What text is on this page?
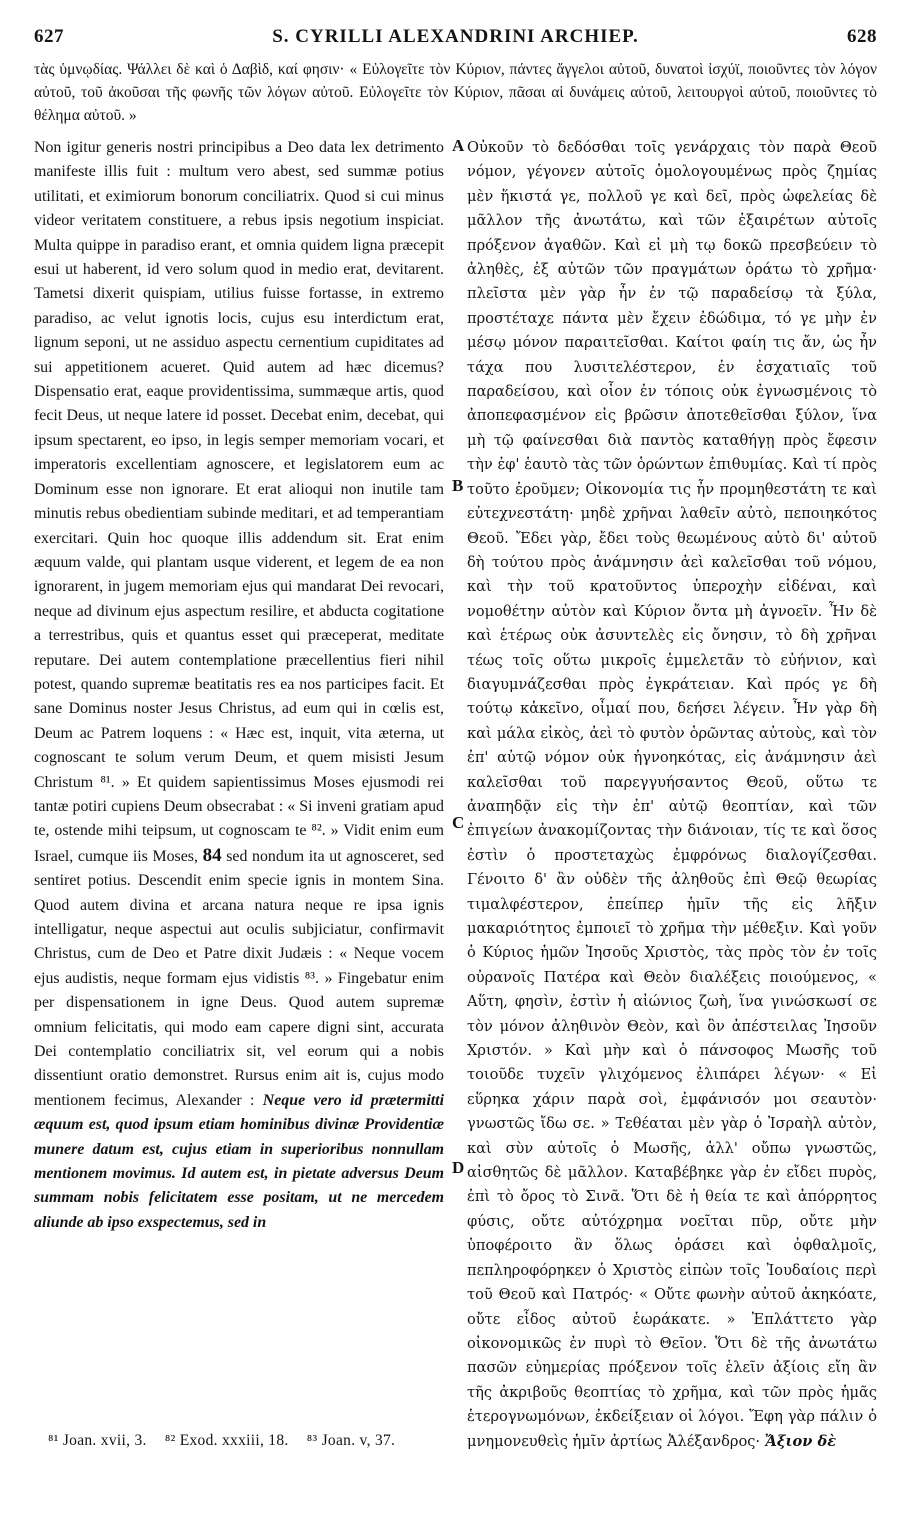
627	S. CYRILLI ALEXANDRINI ARCHIEP.	628
τὰς ὑμνῳδίας. Ψάλλει δὲ καὶ ὁ Δαβὶδ, καί φησιν· « Εὐλογεῖτε τὸν Κύριον, πάντες ἄγγελοι αὐτοῦ, δυνατοὶ ἰσχύϊ, ποιοῦντες τὸν λόγον αὐτοῦ, τοῦ ἀκοῦσαι τῆς φωνῆς τῶν λόγων αὐτοῦ. Εὐλογεῖτε τὸν Κύριον, πᾶσαι αἱ δυνάμεις αὐτοῦ, λειτουργοὶ αὐτοῦ, ποιοῦντες τὸ θέλημα αὐτοῦ. »

Non igitur generis nostri principibus a Deo data lex detrimento manifeste illis fuit : multum vero abest, sed summæ potius utilitati, et eximiorum bonorum conciliatrix. Quod si cui minus videor veritatem constituere, a rebus ipsis negotium inspiciat. Multa quippe in paradiso erant, et omnia quidem ligna præcepit esui ut haberent, id vero solum quod in medio erat, devitarent. Tametsi dixerit quispiam, utilius fuisse fortasse, in extremo paradiso, ac velut ignotis locis, cujus esu interdictum erat, lignum seponi, ut ne assiduo aspectu cernentium cupiditates ad sui appetitionem acueret. Quid autem ad hæc dicemus? Dispensatio erat, eaque providentissima, summæque artis, quod fecit Deus, ut neque latere id posset. Decebat enim, decebat, qui ipsum spectarent, eo ipso, in legis semper memoriam vocari, et imperatoris excellentiam agnoscere, et legislatorem eum ac Dominum esse non ignorare. Et erat alioqui non inutile tam minutis rebus obedientiam subinde meditari, et ad temperantiam exercitari. Quin hoc quoque illis addendum sit. Erat enim æquum valde, qui plantam usque viderent, et legem de ea non ignorarent, in jugem memoriam ejus qui mandarat Dei revocari, neque ad divinum ejus aspectum resilire, et abducta cogitatione a terrestribus, quis et quantus esset qui præceperat, meditate reputare. Dei autem contemplatione præcellentius fieri nihil potest, quando supremæ beatitatis res ea nos participes facit. Et sane Dominus noster Jesus Christus, ad eum qui in cœlis est, Deum ac Patrem loquens : « Hæc est, inquit, vita æterna, ut cognoscant te solum verum Deum, et quem misisti Jesum Christum ⁸¹. » Et quidem sapientissimus Moses ejusmodi rei tantæ potiri cupiens Deum obsecrabat : « Si inveni gratiam apud te, ostende mihi teipsum, ut cognoscam te ⁸². » Vidit enim eum Israel, cumque iis Moses, 84 sed nondum ita ut agnosceret, sed sentiret potius. Descendit enim specie ignis in montem Sina. Quod autem divina et arcana natura neque re ipsa ignis intelligatur, neque aspectui aut oculis subjiciatur, confirmavit Christus, cum de Deo et Patre dixit Judæis : « Neque vocem ejus audistis, neque formam ejus vidistis ⁸³. » Fingebatur enim per dispensationem in igne Deus. Quod autem supremæ omnium felicitatis, qui modo eam capere digni sint, accurata Dei contemplatio conciliatrix sit, vel eorum qui a nobis dissentiunt oratio demonstret. Rursus enim ait is, cujus modo mentionem fecimus, Alexander : Neque vero id prætermitti æquum est, quod ipsum etiam hominibus divinæ Providentiæ munere datum est, cujus etiam in superioribus nonnullam mentionem movimus. Id autem est, in pietate adversus Deum summam nobis felicitatem esse positam, ut ne mercedem aliunde ab ipso exspectemus, sed in

Οὐκοῦν τὸ δεδόσθαι τοῖς γενάρχαις τὸν παρὰ Θεοῦ νόμον, γέγονεν αὐτοῖς ὁμολογουμένως πρὸς ζημίας μὲν ἥκιστά γε, πολλοῦ γε καὶ δεῖ, πρὸς ὠφελείας δὲ μᾶλλον τῆς ἀνωτάτω, καὶ τῶν ἐξαιρέτων αὐτοῖς πρόξενον ἀγαθῶν. Καὶ εἰ μὴ τῳ δοκῶ πρεσβεύειν τὸ ἀληθὲς, ἐξ αὐτῶν τῶν πραγμάτων ὁράτω τὸ χρῆμα· πλεῖστα μὲν γὰρ ἦν ἐν τῷ παραδείσῳ τὰ ξύλα, προστέταχε πάντα μὲν ἔχειν ἐδώδιμα, τό γε μὴν ἐν μέσῳ μόνον παραιτεῖσθαι. Καίτοι φαίη τις ἄν, ὡς ἦν τάχα που λυσιτελέστερον, ἐν ἐσχατιαῖς τοῦ παραδείσου, καὶ οἷον ἐν τόποις οὐκ ἐγνωσμένοις τὸ ἀποπεφασμένον εἰς βρῶσιν ἀποτεθεῖσθαι ξύλον, ἵνα μὴ τῷ φαίνεσθαι διὰ παντὸς καταθήγῃ πρὸς ἔφεσιν τὴν ἐφ' ἑαυτὸ τὰς τῶν ὁρώντων ἐπιθυμίας. Καὶ τί πρὸς τοῦτο ἐροῦμεν; Οἰκονομία τις ἦν προμηθεστάτη τε καὶ εὐτεχνεστάτη· μηδὲ χρῆναι λαθεῖν αὐτὸ, πεποιηκότος Θεοῦ. Ἔδει γὰρ, ἔδει τοὺς θεωμένους αὐτὸ δι' αὐτοῦ δὴ τούτου πρὸς ἀνάμνησιν ἀεὶ καλεῖσθαι τοῦ νόμου, καὶ τὴν τοῦ κρατοῦντος ὑπεροχὴν εἰδέναι, καὶ νομοθέτην αὐτὸν καὶ Κύριον ὄντα μὴ ἀγνοεῖν. Ἦν δὲ καὶ ἑτέρως οὐκ ἀσυντελὲς εἰς ὄνησιν, τὸ δὴ χρῆναι τέως τοῖς οὕτω μικροῖς ἐμμελετᾶν τὸ εὐήνιον, καὶ διαγυμνάζεσθαι πρὸς ἐγκράτειαν. Καὶ πρός γε δὴ τούτῳ κἀκεῖνο, οἶμαί που, δεήσει λέγειν. Ἦν γὰρ δὴ καὶ μάλα εἰκὸς, ἀεὶ τὸ φυτὸν ὁρῶντας αὐτοὺς, καὶ τὸν ἐπ' αὐτῷ νόμον οὐκ ἠγνοηκότας, εἰς ἀνάμνησιν ἀεὶ καλεῖσθαι τοῦ παρεγγυήσαντος Θεοῦ, οὕτω τε ἀναπηδᾷν εἰς τὴν ἐπ' αὐτῷ θεοπτίαν, καὶ τῶν ἐπιγείων ἀνακομίζοντας τὴν διάνοιαν, τίς τε καὶ ὅσος ἐστὶν ὁ προστεταχὼς ἐμφρόνως διαλογίζεσθαι. Γένοιτο δ' ἂν οὐδὲν τῆς ἀληθοῦς ἐπὶ Θεῷ θεωρίας τιμαλφέστερον, ἐπείπερ ἡμῖν τῆς εἰς λῆξιν μακαριότητος ἐμποιεῖ τὸ χρῆμα τὴν μέθεξιν. Καὶ γοῦν ὁ Κύριος ἡμῶν Ἰησοῦς Χριστὸς, τὰς πρὸς τὸν ἐν τοῖς οὐρανοῖς Πατέρα καὶ Θεὸν διαλέξεις ποιούμενος, « Αὕτη, φησὶν, ἐστὶν ἡ αἰώνιος ζωὴ, ἵνα γινώσκωσί σε τὸν μόνον ἀληθινὸν Θεὸν, καὶ ὃν ἀπέστειλας Ἰησοῦν Χριστόν. » Καὶ μὴν καὶ ὁ πάνσοφος Μωσῆς τοῦ τοιοῦδε τυχεῖν γλιχόμενος ἐλιπάρει λέγων· « Εἰ εὕρηκα χάριν παρὰ σοὶ, ἐμφάνισόν μοι σεαυτὸν· γνωστῶς ἴδω σε. » Τεθέαται μὲν γὰρ ὁ Ἰσραὴλ αὐτὸν, καὶ σὺν αὐτοῖς ὁ Μωσῆς, ἀλλ' οὔπω γνωστῶς, αἰσθητῶς δὲ μᾶλλον. Καταβέβηκε γὰρ ἐν εἴδει πυρὸς, ἐπὶ τὸ ὄρος τὸ Σινᾶ. Ὅτι δὲ ἡ θεία τε καὶ ἀπόρρητος φύσις, οὔτε αὐτόχρημα νοεῖται πῦρ, οὔτε μὴν ὑποφέροιτο ἂν ὅλως ὁράσει καὶ ὀφθαλμοῖς, πεπληροφόρηκεν ὁ Χριστὸς εἰπὼν τοῖς Ἰουδαίοις περὶ τοῦ Θεοῦ καὶ Πατρός· « Οὔτε φωνὴν αὐτοῦ ἀκηκόατε, οὔτε εἶδος αὐτοῦ ἑωράκατε. » Ἐπλάττετο γὰρ οἰκονομικῶς ἐν πυρὶ τὸ Θεῖον. Ὅτι δὲ τῆς ἀνωτάτω πασῶν εὐημερίας πρόξενον τοῖς ἑλεῖν ἀξίοις εἴη ἂν τῆς ἀκριβοῦς θεοπτίας τὸ χρῆμα, καὶ τῶν πρὸς ἡμᾶς ἑτερογνωμόνων, ἐκδείξειαν οἱ λόγοι. Ἔφη γὰρ πάλιν ὁ μνημονευθεὶς ἡμῖν ἀρτίως Ἀλέξανδρος· Ἄξιον δὲ

A
B
C
D
⁸¹ Joan. xvii, 3. ⁸² Exod. xxxiii, 18. ⁸³ Joan. v, 37.
